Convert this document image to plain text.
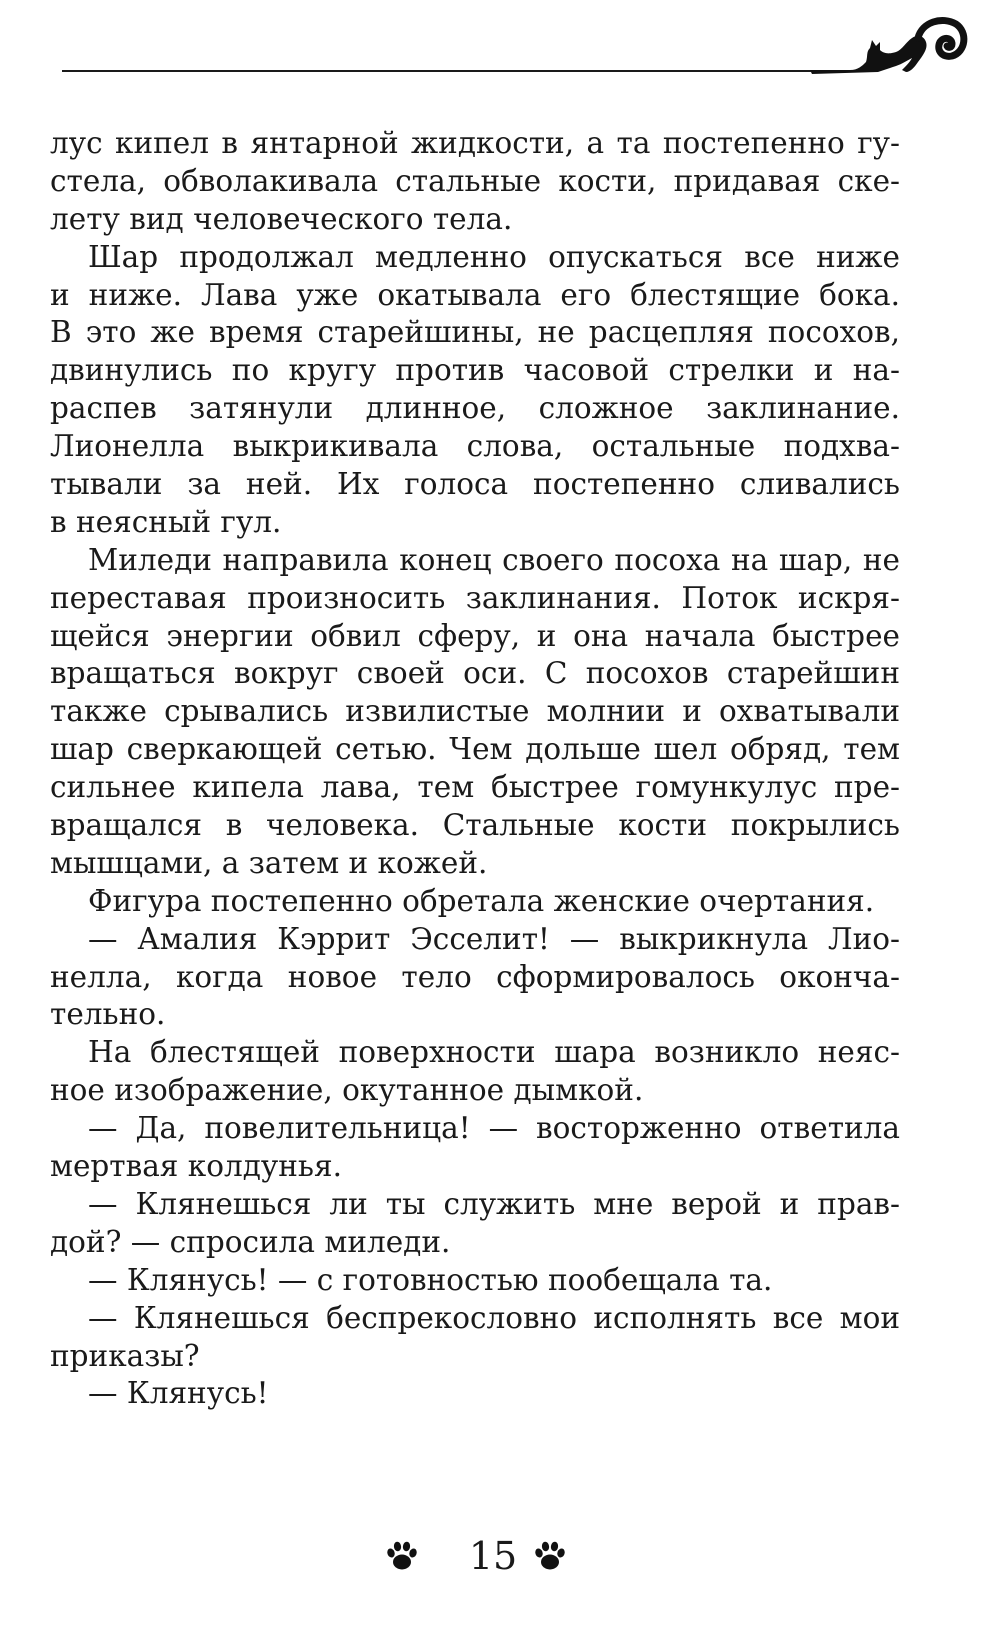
лус кипел в янтарной жидкости, а та постепенно гу-
стела, обволакивала стальные кости, придавая ске-
лету вид человеческого тела.
Шар продолжал медленно опускаться все ниже
и ниже. Лава уже окатывала его блестящие бока.
В это же время старейшины, не расцепляя посохов,
двинулись по кругу против часовой стрелки и на-
распев затянули длинное, сложное заклинание.
Лионелла выкрикивала слова, остальные подхва-
тывали за ней. Их голоса постепенно сливались
в неясный гул.
Миледи направила конец своего посоха на шар, не
переставая произносить заклинания. Поток искря-
щейся энергии обвил сферу, и она начала быстрее
вращаться вокруг своей оси. С посохов старейшин
также срывались извилистые молнии и охватывали
шар сверкающей сетью. Чем дольше шел обряд, тем
сильнее кипела лава, тем быстрее гомункулус пре-
вращался в человека. Стальные кости покрылись
мышцами, а затем и кожей.
Фигура постепенно обретала женские очертания.
— Амалия Кэррит Эсселит! — выкрикнула Лио-
нелла, когда новое тело сформировалось оконча-
тельно.
На блестящей поверхности шара возникло неяс-
ное изображение, окутанное дымкой.
— Да, повелительница! — восторженно ответила
мертвая колдунья.
— Клянешься ли ты служить мне верой и прав-
дой? — спросила миледи.
— Клянусь! — с готовностью пообещала та.
— Клянешься беспрекословно исполнять все мои
приказы?
— Клянусь!
15
